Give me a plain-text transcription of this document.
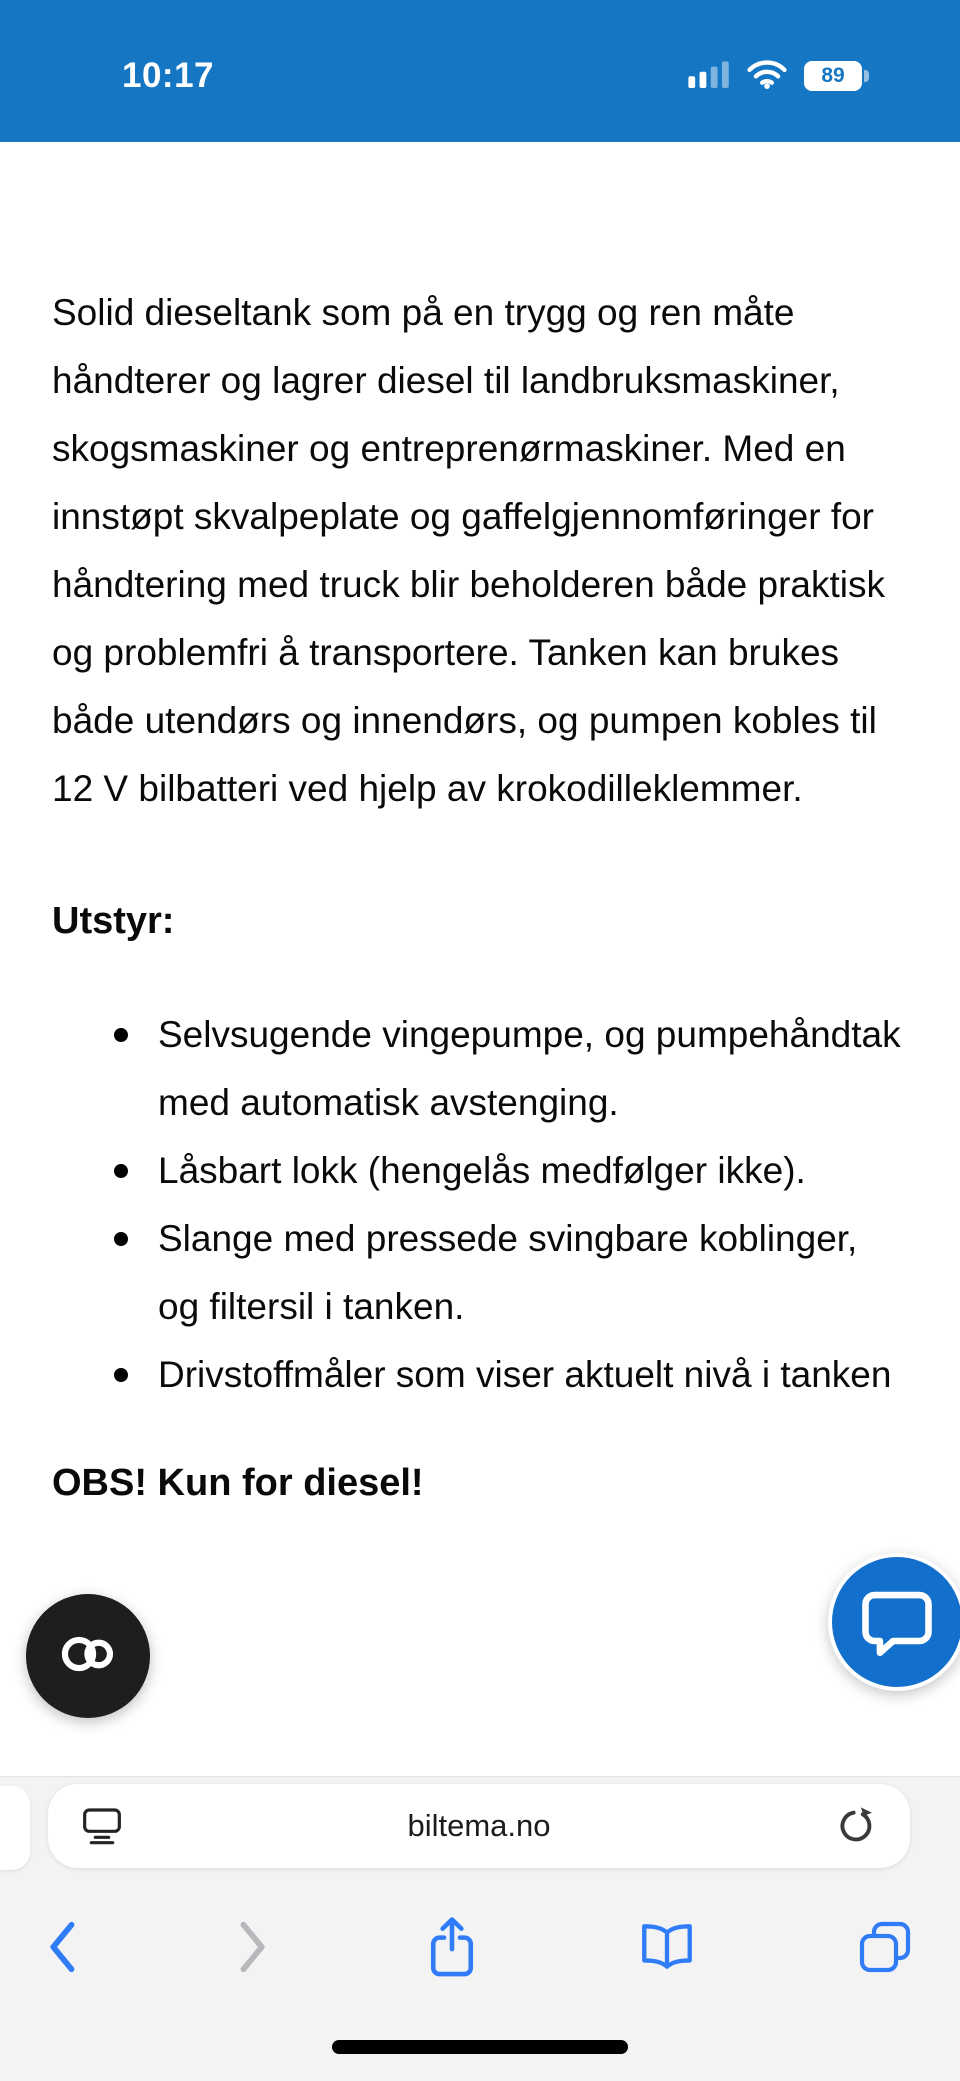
10:17	89

Solid dieseltank som på en trygg og ren måte håndterer og lagrer diesel til landbruksmaskiner, skogsmaskiner og entreprenørmaskiner. Med en innstøpt skvalpeplate og gaffelgjennomføringer for håndtering med truck blir beholderen både praktisk og problemfri å transportere. Tanken kan brukes både utendørs og innendørs, og pumpen kobles til 12 V bilbatteri ved hjelp av krokodilleklemmer.

Utstyr:
Selvsugende vingepumpe, og pumpehåndtak med automatisk avstenging.
Låsbart lokk (hengelås medfølger ikke).
Slange med pressede svingbare koblinger, og filtersil i tanken.
Drivstoffmåler som viser aktuelt nivå i tanken
OBS! Kun for diesel!
biltema.no
